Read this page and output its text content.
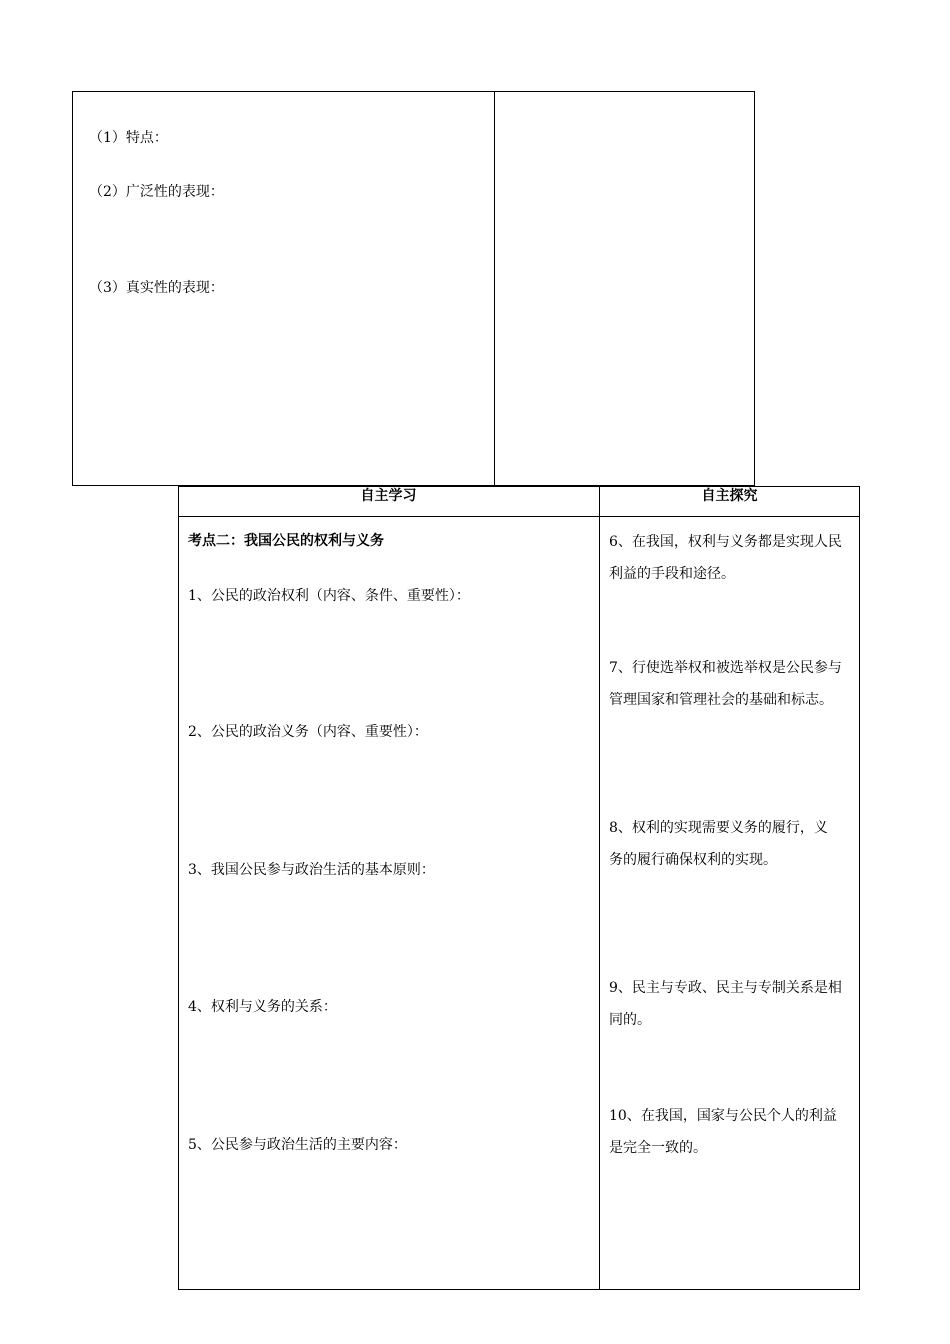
（1）特点：
（2）广泛性的表现：
（3）真实性的表现：
自主学习	自主探究
考点二：我国公民的权利与义务
1、公民的政治权利（内容、条件、重要性）：
2、公民的政治义务（内容、重要性）：
3、我国公民参与政治生活的基本原则：
4、权利与义务的关系：
5、公民参与政治生活的主要内容：
6、在我国，权利与义务都是实现人民利益的手段和途径。
7、行使选举权和被选举权是公民参与管理国家和管理社会的基础和标志。
8、权利的实现需要义务的履行，义务的履行确保权利的实现。
9、民主与专政、民主与专制关系是相同的。
10、在我国，国家与公民个人的利益是完全一致的。
